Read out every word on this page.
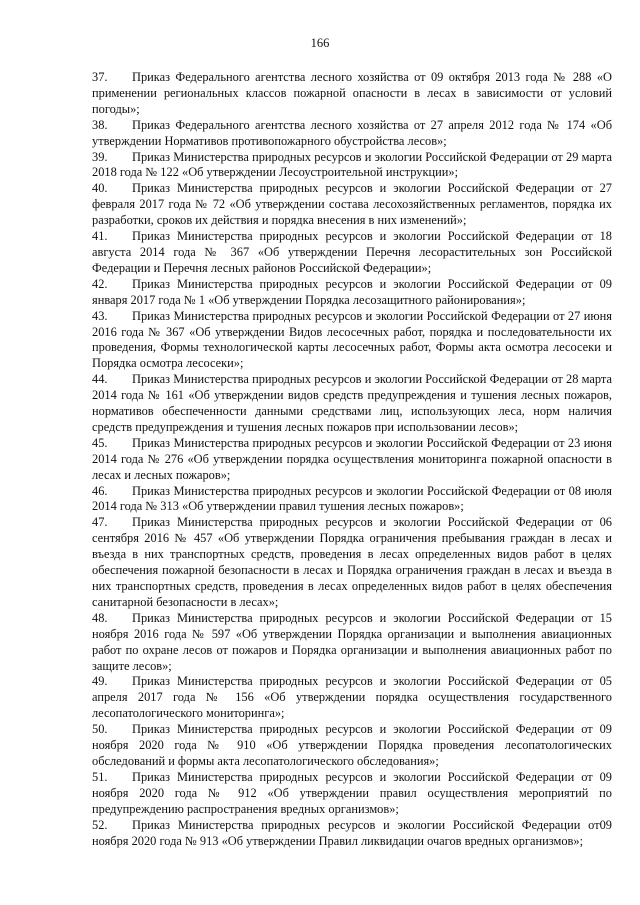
166

37. Приказ Федерального агентства лесного хозяйства от 09 октября 2013 года № 288 «О применении региональных классов пожарной опасности в лесах в зависимости от условий погоды»;

38. Приказ Федерального агентства лесного хозяйства от 27 апреля 2012 года № 174 «Об утверждении Нормативов противопожарного обустройства лесов»;

39. Приказ Министерства природных ресурсов и экологии Российской Федерации от 29 марта 2018 года № 122 «Об утверждении Лесоустроительной инструкции»;

40. Приказ Министерства природных ресурсов и экологии Российской Федерации от 27 февраля 2017 года № 72 «Об утверждении состава лесохозяйственных регламентов, порядка их разработки, сроков их действия и порядка внесения в них изменений»;

41. Приказ Министерства природных ресурсов и экологии Российской Федерации от 18 августа 2014 года № 367 «Об утверждении Перечня лесорастительных зон Российской Федерации и Перечня лесных районов Российской Федерации»;

42. Приказ Министерства природных ресурсов и экологии Российской Федерации от 09 января 2017 года № 1 «Об утверждении Порядка лесозащитного районирования»;

43. Приказ Министерства природных ресурсов и экологии Российской Федерации от 27 июня 2016 года № 367 «Об утверждении Видов лесосечных работ, порядка и последовательности их проведения, Формы технологической карты лесосечных работ, Формы акта осмотра лесосеки и Порядка осмотра лесосеки»;

44. Приказ Министерства природных ресурсов и экологии Российской Федерации от 28 марта 2014 года № 161 «Об утверждении видов средств предупреждения и тушения лесных пожаров, нормативов обеспеченности данными средствами лиц, использующих леса, норм наличия средств предупреждения и тушения лесных пожаров при использовании лесов»;

45. Приказ Министерства природных ресурсов и экологии Российской Федерации от 23 июня 2014 года № 276 «Об утверждении порядка осуществления мониторинга пожарной опасности в лесах и лесных пожаров»;

46. Приказ Министерства природных ресурсов и экологии Российской Федерации от 08 июля 2014 года № 313 «Об утверждении правил тушения лесных пожаров»;

47. Приказ Министерства природных ресурсов и экологии Российской Федерации от 06 сентября 2016 № 457 «Об утверждении Порядка ограничения пребывания граждан в лесах и въезда в них транспортных средств, проведения в лесах определенных видов работ в целях обеспечения пожарной безопасности в лесах и Порядка ограничения граждан в лесах и въезда в них транспортных средств, проведения в лесах определенных видов работ в целях обеспечения санитарной безопасности в лесах»;

48. Приказ Министерства природных ресурсов и экологии Российской Федерации от 15 ноября 2016 года № 597 «Об утверждении Порядка организации и выполнения авиационных работ по охране лесов от пожаров и Порядка организации и выполнения авиационных работ по защите лесов»;

49. Приказ Министерства природных ресурсов и экологии Российской Федерации от 05 апреля 2017 года № 156 «Об утверждении порядка осуществления государственного лесопатологического мониторинга»;

50. Приказ Министерства природных ресурсов и экологии Российской Федерации от 09 ноября 2020 года № 910 «Об утверждении Порядка проведения лесопатологических обследований и формы акта лесопатологического обследования»;

51. Приказ Министерства природных ресурсов и экологии Российской Федерации от 09 ноября 2020 года № 912 «Об утверждении правил осуществления мероприятий по предупреждению распространения вредных организмов»;

52. Приказ Министерства природных ресурсов и экологии Российской Федерации от09 ноября 2020 года № 913 «Об утверждении Правил ликвидации очагов вредных организмов»;
